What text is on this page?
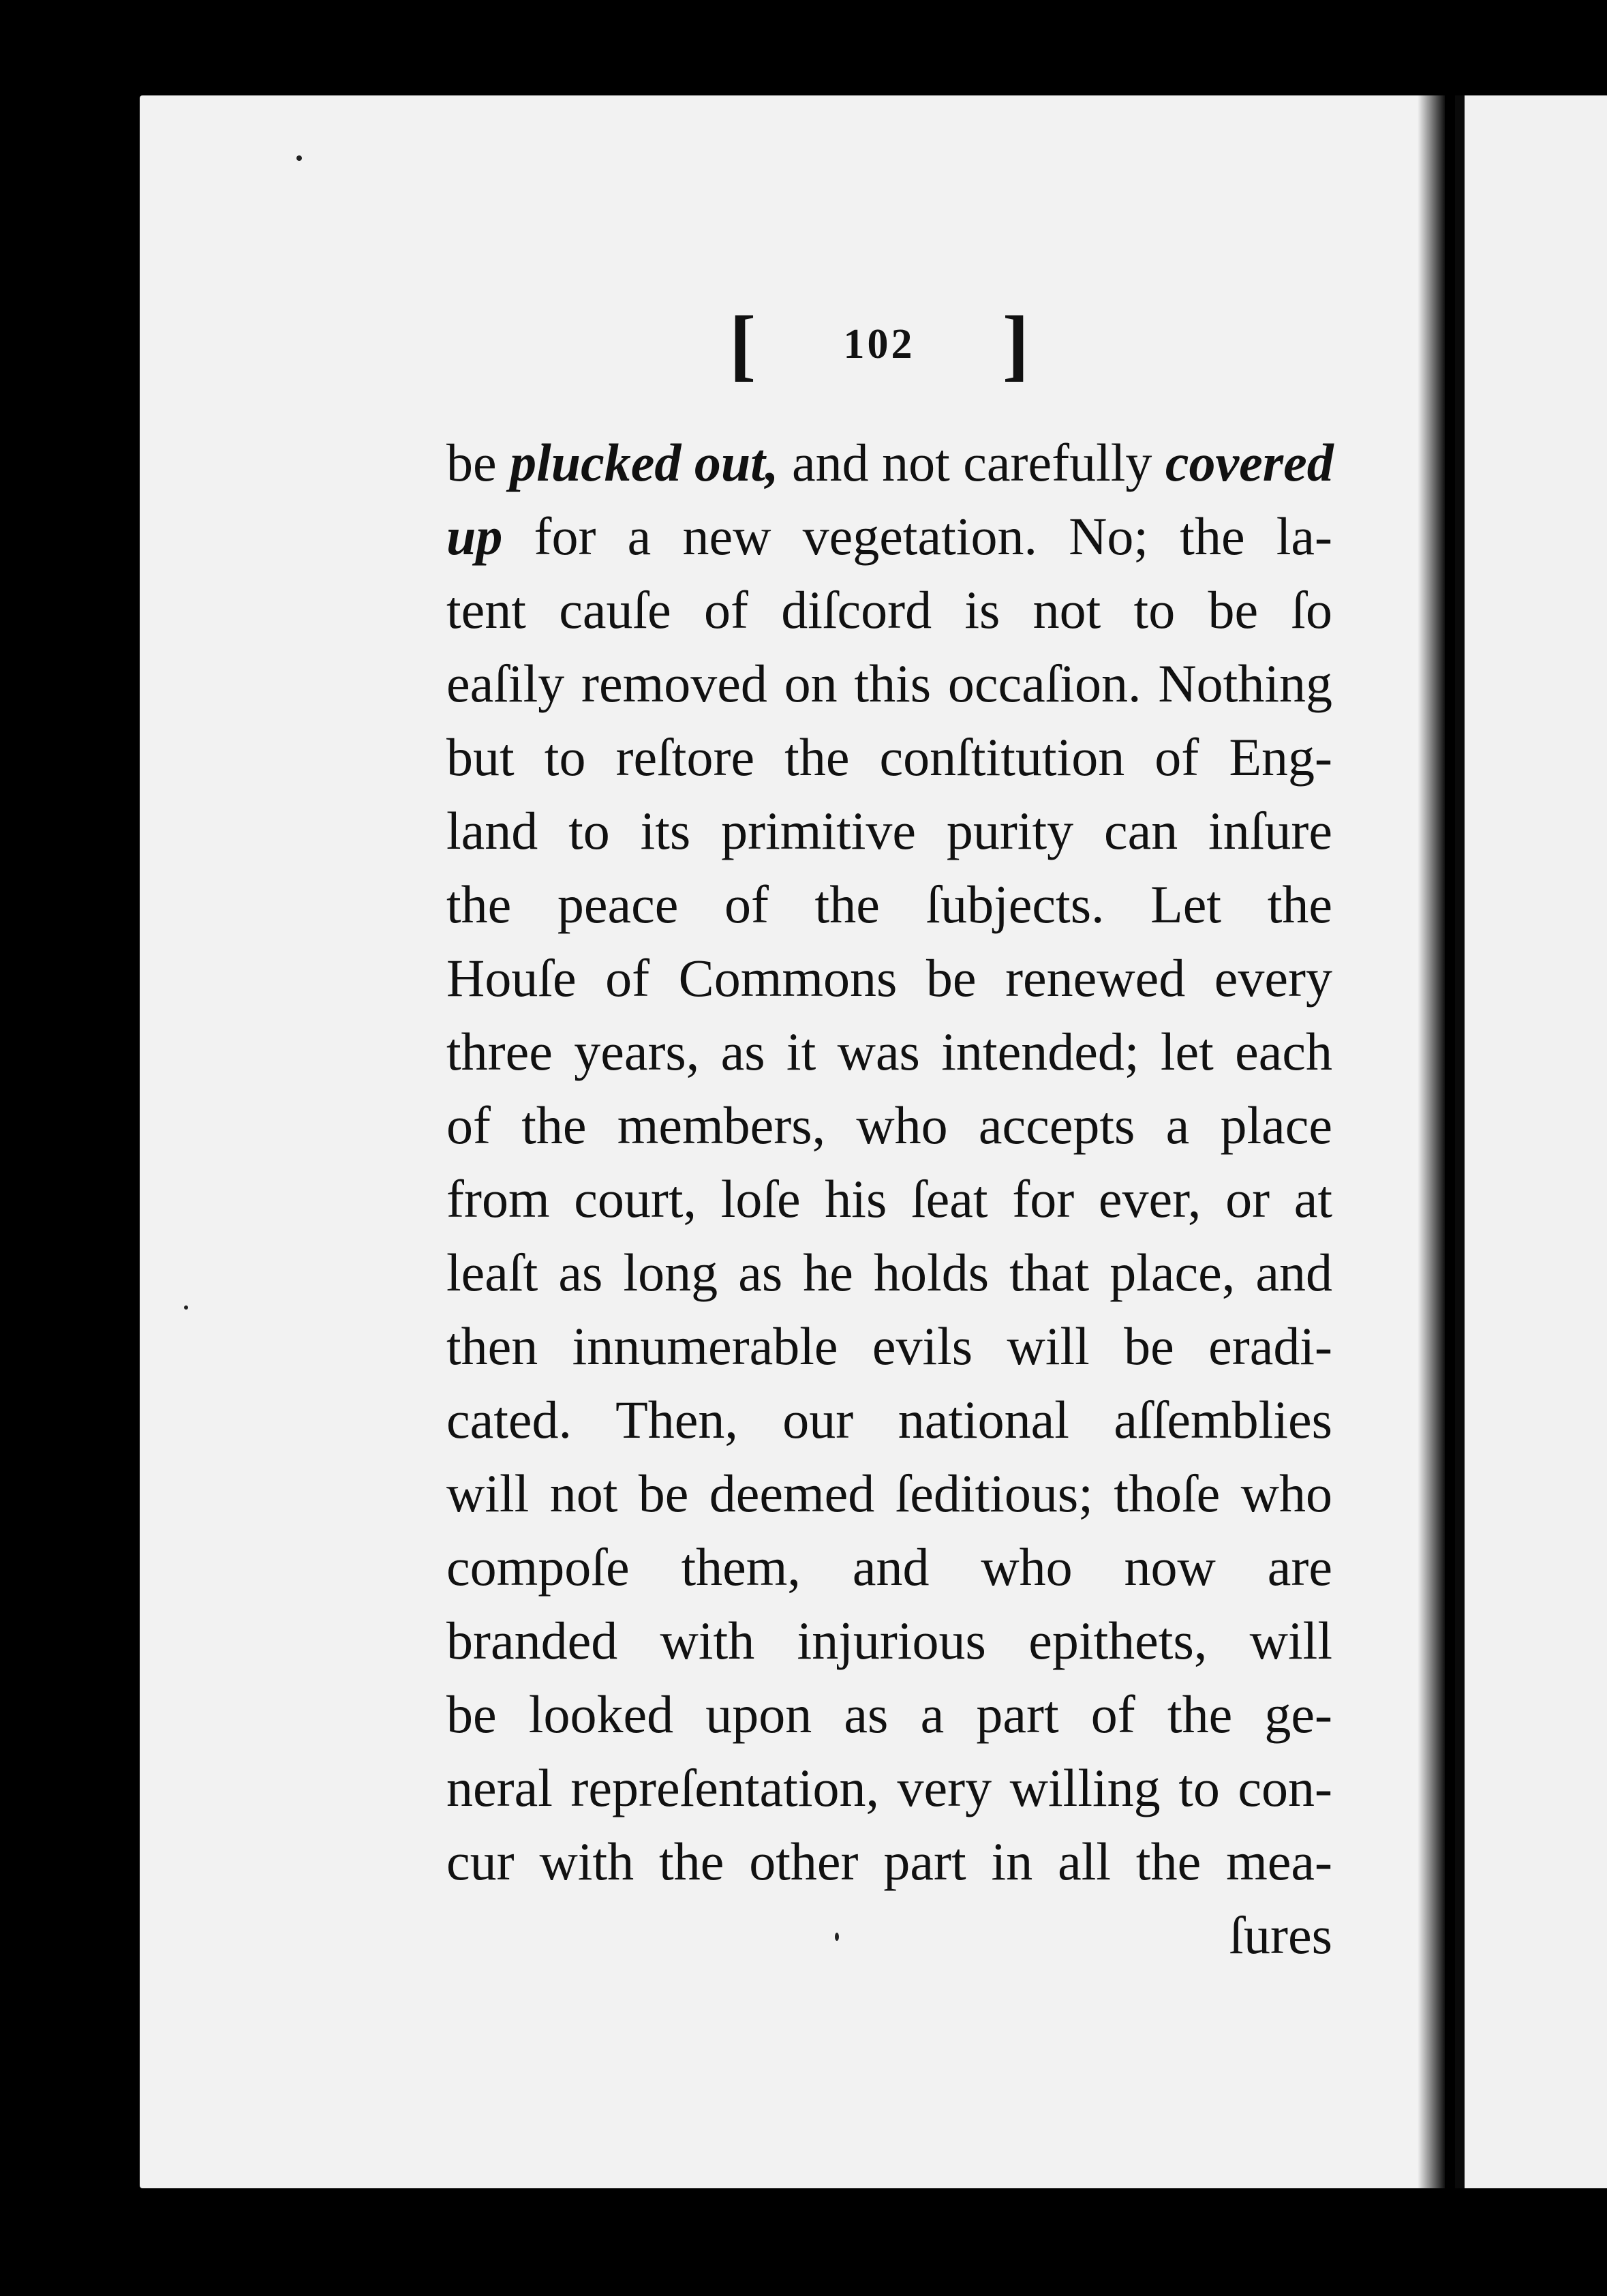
[ 102 ]
be plucked out, and not carefully covered
up for a new vegetation. No; the la-
tent cauſe of diſcord is not to be ſo
eaſily removed on this occaſion. Nothing
but to reſtore the conſtitution of Eng-
land to its primitive purity can inſure
the peace of the ſubjects. Let the
Houſe of Commons be renewed every
three years, as it was intended; let each
of the members, who accepts a place
from court, loſe his ſeat for ever, or at
leaſt as long as he holds that place, and
then innumerable evils will be eradi-
cated. Then, our national aſſemblies
will not be deemed ſeditious; thoſe who
compoſe them, and who now are
branded with injurious epithets, will
be looked upon as a part of the ge-
neral repreſentation, very willing to con-
cur with the other part in all the mea-
ſures
